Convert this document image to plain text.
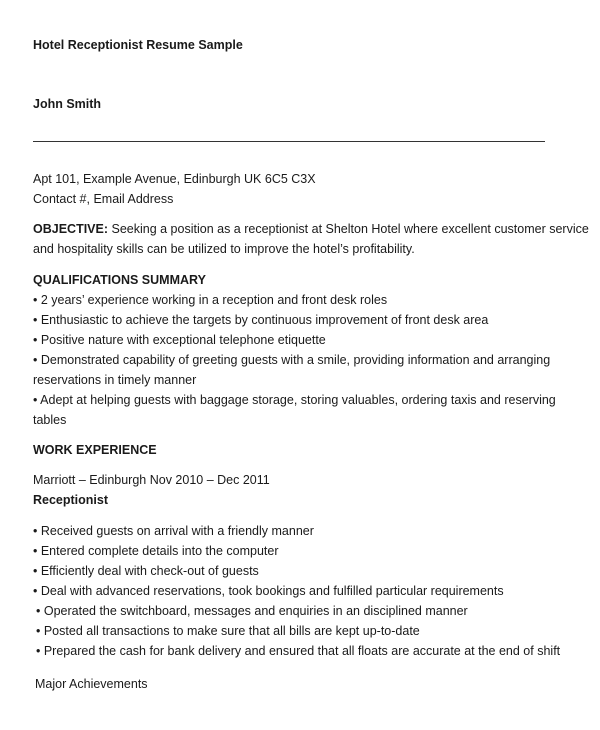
Hotel Receptionist Resume Sample
John Smith
Apt 101, Example Avenue, Edinburgh UK 6C5 C3X
Contact #, Email Address
OBJECTIVE: Seeking a position as a receptionist at Shelton Hotel where excellent customer service
and hospitality skills can be utilized to improve the hotel’s profitability.
QUALIFICATIONS SUMMARY
• 2 years’ experience working in a reception and front desk roles
• Enthusiastic to achieve the targets by continuous improvement of front desk area
• Positive nature with exceptional telephone etiquette
• Demonstrated capability of greeting guests with a smile, providing information and arranging
reservations in timely manner
• Adept at helping guests with baggage storage, storing valuables, ordering taxis and reserving
tables
WORK EXPERIENCE
Marriott – Edinburgh Nov 2010 – Dec 2011
Receptionist
• Received guests on arrival with a friendly manner
• Entered complete details into the computer
• Efficiently deal with check-out of guests
• Deal with advanced reservations, took bookings and fulfilled particular requirements
• Operated the switchboard, messages and enquiries in an disciplined manner
• Posted all transactions to make sure that all bills are kept up-to-date
• Prepared the cash for bank delivery and ensured that all floats are accurate at the end of shift
Major Achievements
